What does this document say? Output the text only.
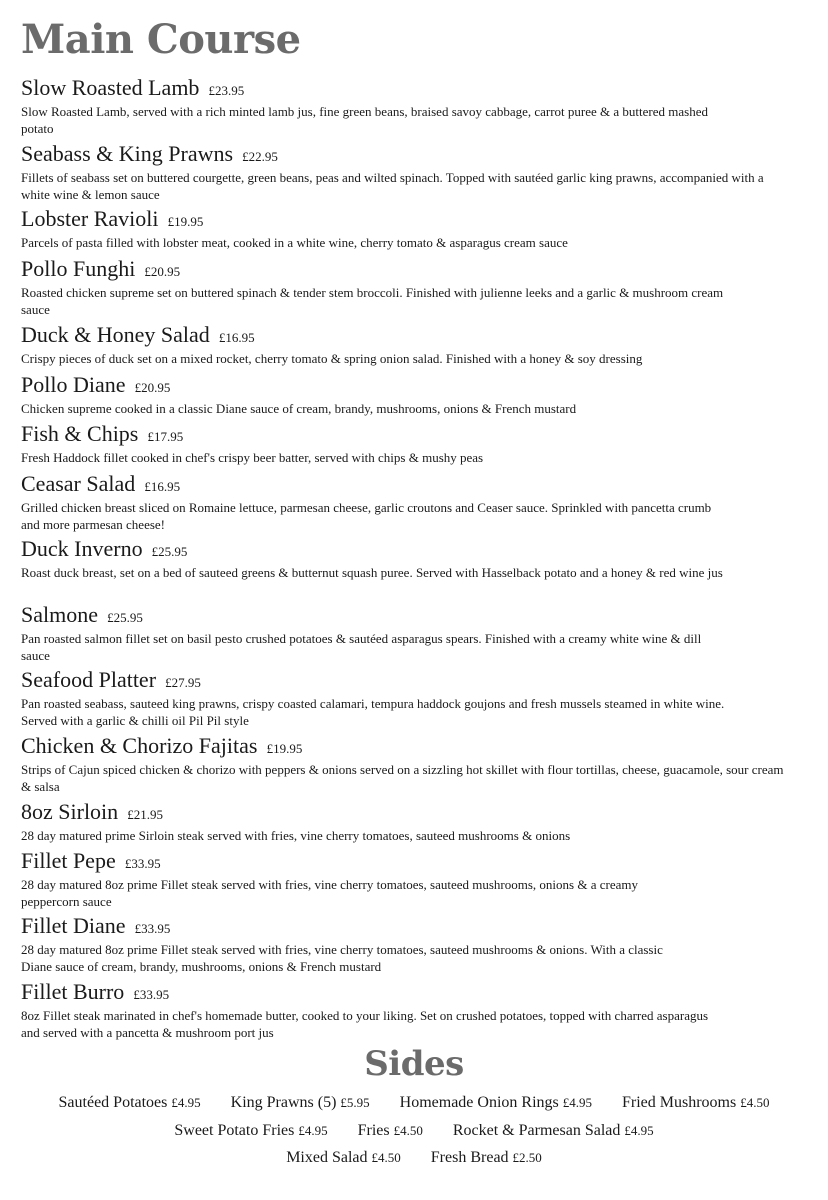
Main Course
Slow Roasted Lamb £23.95
Slow Roasted Lamb, served with a rich minted lamb jus, fine green beans, braised savoy cabbage, carrot puree & a buttered mashed potato
Seabass & King Prawns £22.95
Fillets of seabass set on buttered courgette, green beans, peas and wilted spinach. Topped with sautéed garlic king prawns, accompanied with a white wine & lemon sauce
Lobster Ravioli £19.95
Parcels of pasta filled with lobster meat, cooked in a white wine, cherry tomato & asparagus cream sauce
Pollo Funghi £20.95
Roasted chicken supreme set on buttered spinach & tender stem broccoli. Finished with julienne leeks and a garlic & mushroom cream sauce
Duck & Honey Salad £16.95
Crispy pieces of duck set on a mixed rocket, cherry tomato & spring onion salad. Finished with a honey & soy dressing
Pollo Diane £20.95
Chicken supreme cooked in a classic Diane sauce of cream, brandy, mushrooms, onions & French mustard
Fish & Chips £17.95
Fresh Haddock fillet cooked in chef's crispy beer batter, served with chips & mushy peas
Ceasar Salad £16.95
Grilled chicken breast sliced on Romaine lettuce, parmesan cheese, garlic croutons and Ceaser sauce. Sprinkled with pancetta crumb and more parmesan cheese!
Duck Inverno £25.95
Roast duck breast, set on a bed of sauteed greens & butternut squash puree. Served with Hasselback potato and a honey & red wine jus
Salmone £25.95
Pan roasted salmon fillet set on basil pesto crushed potatoes & sautéed asparagus spears. Finished with a creamy white wine & dill sauce
Seafood Platter £27.95
Pan roasted seabass, sauteed king prawns, crispy coasted calamari, tempura haddock goujons and fresh mussels steamed in white wine. Served with a garlic & chilli oil Pil Pil style
Chicken & Chorizo Fajitas £19.95
Strips of Cajun spiced chicken & chorizo with peppers & onions served on a sizzling hot skillet with flour tortillas, cheese, guacamole, sour cream & salsa
8oz Sirloin £21.95
28 day matured prime Sirloin steak served with fries, vine cherry tomatoes, sauteed mushrooms & onions
Fillet Pepe £33.95
28 day matured 8oz prime Fillet steak served with fries, vine cherry tomatoes, sauteed mushrooms, onions & a creamy peppercorn sauce
Fillet Diane £33.95
28 day matured 8oz prime Fillet steak served with fries, vine cherry tomatoes, sauteed mushrooms & onions. With a classic Diane sauce of cream, brandy, mushrooms, onions & French mustard
Fillet Burro £33.95
8oz Fillet steak marinated in chef's homemade butter, cooked to your liking. Set on crushed potatoes, topped with charred asparagus and served with a pancetta & mushroom port jus
Sides
Sautéed Potatoes £4.95 King Prawns (5) £5.95 Homemade Onion Rings £4.95 Fried Mushrooms £4.50
Sweet Potato Fries £4.95 Fries £4.50 Rocket & Parmesan Salad £4.95
Mixed Salad £4.50 Fresh Bread £2.50
